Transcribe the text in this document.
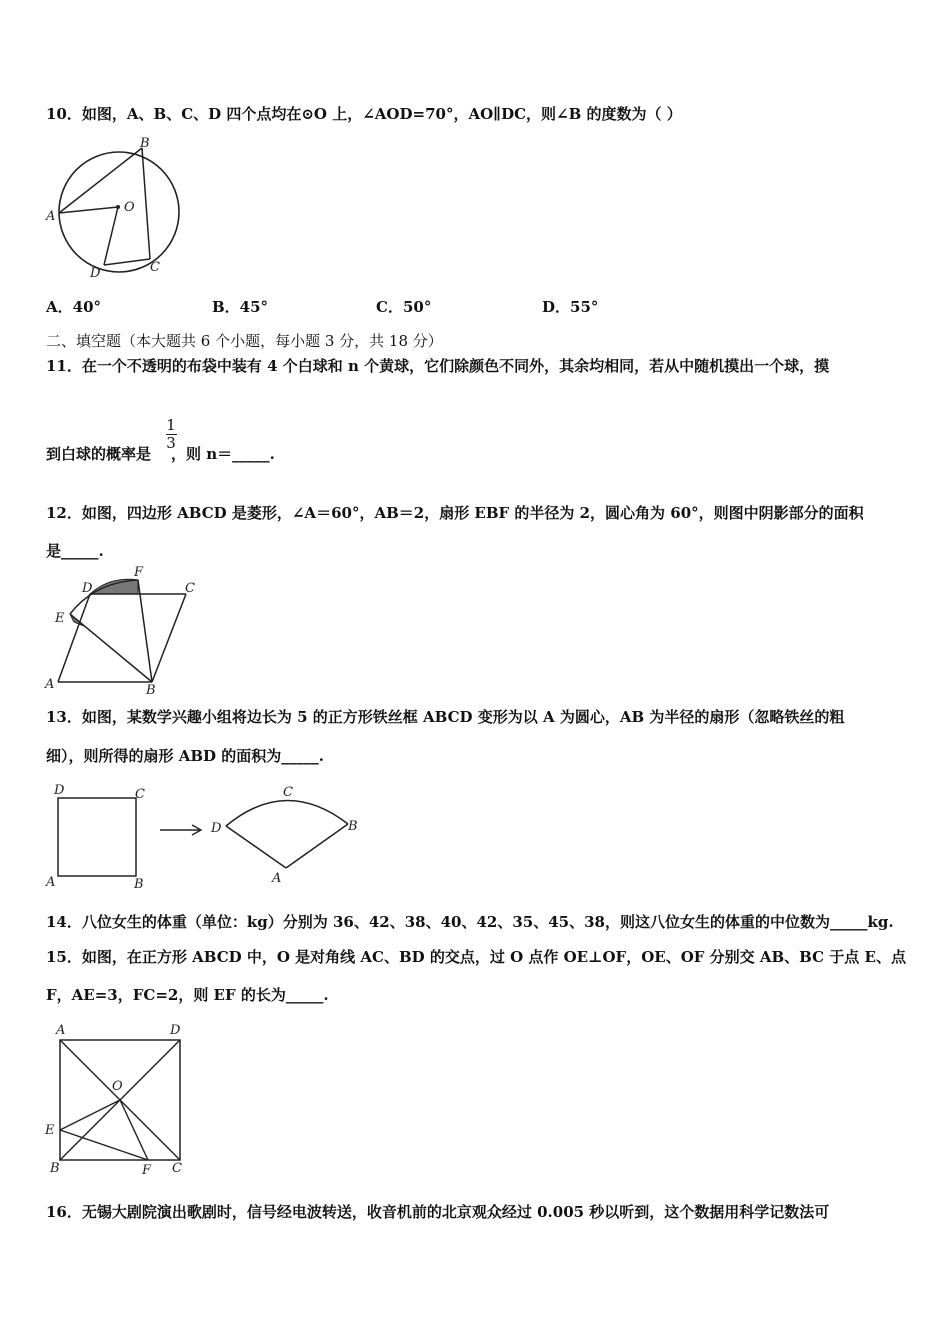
10．如图，A、B、C、D 四个点均在⊙O 上，∠AOD=70°，AO∥DC，则∠B 的度数为（ ）
A
B
C
D
O
A．40°	B．45°	C．50°	D．55°
二、填空题（本大题共 6 个小题，每小题 3 分，共 18 分）
11．在一个不透明的布袋中装有 4 个白球和 n 个黄球，它们除颜色不同外，其余均相同，若从中随机摸出一个球，摸
到白球的概率是 ，则 n＝_____.
1
3
12．如图，四边形 ABCD 是菱形，∠A＝60°，AB＝2，扇形 EBF 的半径为 2，圆心角为 60°，则图中阴影部分的面积
是_____.
A	B
C
D
E
F
13．如图，某数学兴趣小组将边长为 5 的正方形铁丝框 ABCD 变形为以 A 为圆心，AB 为半径的扇形（忽略铁丝的粗
细），则所得的扇形 ABD 的面积为_____.
D	C
A	B
D
C
B
A
14．八位女生的体重（单位：kg）分别为 36、42、38、40、42、35、45、38，则这八位女生的体重的中位数为_____kg.
15．如图，在正方形 ABCD 中，O 是对角线 AC、BD 的交点，过 O 点作 OE⊥OF，OE、OF 分别交 AB、BC 于点 E、点
F，AE=3，FC=2，则 EF 的长为_____.
A	D
B	C
E
F
O
16．无锡大剧院演出歌剧时，信号经电波转送，收音机前的北京观众经过 0.005 秒以听到，这个数据用科学记数法可
